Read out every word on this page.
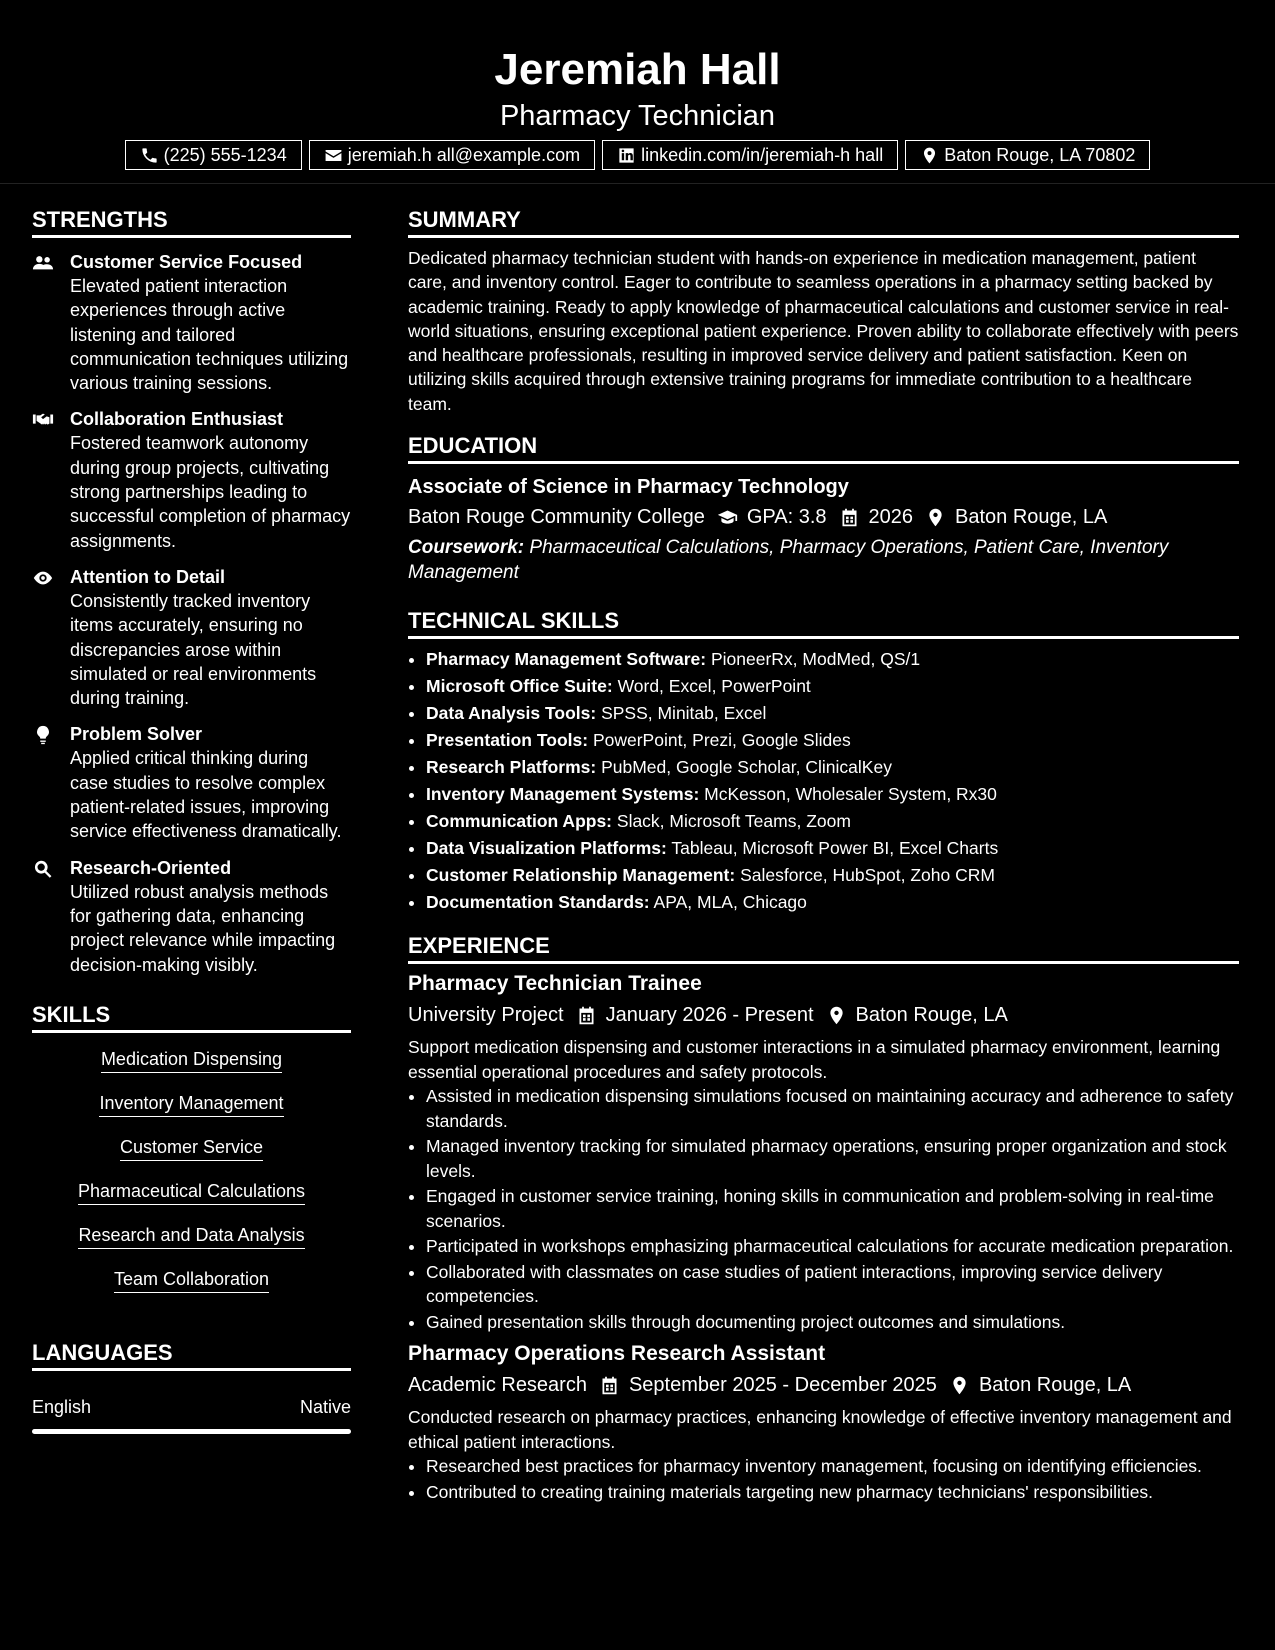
Jeremiah Hall
Pharmacy Technician
(225) 555-1234	jeremiah.h all@example.com	linkedin.com/in/jeremiah-h hall	Baton Rouge, LA 70802
STRENGTHS
Customer Service Focused
Elevated patient interaction experiences through active listening and tailored communication techniques utilizing various training sessions.
Collaboration Enthusiast
Fostered teamwork autonomy during group projects, cultivating strong partnerships leading to successful completion of pharmacy assignments.
Attention to Detail
Consistently tracked inventory items accurately, ensuring no discrepancies arose within simulated or real environments during training.
Problem Solver
Applied critical thinking during case studies to resolve complex patient-related issues, improving service effectiveness dramatically.
Research-Oriented
Utilized robust analysis methods for gathering data, enhancing project relevance while impacting decision-making visibly.
SKILLS
Medication Dispensing
Inventory Management
Customer Service
Pharmaceutical Calculations
Research and Data Analysis
Team Collaboration
LANGUAGES
English	Native
SUMMARY
Dedicated pharmacy technician student with hands-on experience in medication management, patient care, and inventory control. Eager to contribute to seamless operations in a pharmacy setting backed by academic training. Ready to apply knowledge of pharmaceutical calculations and customer service in real-world situations, ensuring exceptional patient experience. Proven ability to collaborate effectively with peers and healthcare professionals, resulting in improved service delivery and patient satisfaction. Keen on utilizing skills acquired through extensive training programs for immediate contribution to a healthcare team.
EDUCATION
Associate of Science in Pharmacy Technology
Baton Rouge Community College GPA: 3.8 2026 Baton Rouge, LA
Coursework: Pharmaceutical Calculations, Pharmacy Operations, Patient Care, Inventory Management
TECHNICAL SKILLS
• Pharmacy Management Software: PioneerRx, ModMed, QS/1
• Microsoft Office Suite: Word, Excel, PowerPoint
• Data Analysis Tools: SPSS, Minitab, Excel
• Presentation Tools: PowerPoint, Prezi, Google Slides
• Research Platforms: PubMed, Google Scholar, ClinicalKey
• Inventory Management Systems: McKesson, Wholesaler System, Rx30
• Communication Apps: Slack, Microsoft Teams, Zoom
• Data Visualization Platforms: Tableau, Microsoft Power BI, Excel Charts
• Customer Relationship Management: Salesforce, HubSpot, Zoho CRM
• Documentation Standards: APA, MLA, Chicago
EXPERIENCE
Pharmacy Technician Trainee
University Project January 2026 - Present Baton Rouge, LA
Support medication dispensing and customer interactions in a simulated pharmacy environment, learning essential operational procedures and safety protocols.
• Assisted in medication dispensing simulations focused on maintaining accuracy and adherence to safety standards.
• Managed inventory tracking for simulated pharmacy operations, ensuring proper organization and stock levels.
• Engaged in customer service training, honing skills in communication and problem-solving in real-time scenarios.
• Participated in workshops emphasizing pharmaceutical calculations for accurate medication preparation.
• Collaborated with classmates on case studies of patient interactions, improving service delivery competencies.
• Gained presentation skills through documenting project outcomes and simulations.
Pharmacy Operations Research Assistant
Academic Research September 2025 - December 2025 Baton Rouge, LA
Conducted research on pharmacy practices, enhancing knowledge of effective inventory management and ethical patient interactions.
• Researched best practices for pharmacy inventory management, focusing on identifying efficiencies.
• Contributed to creating training materials targeting new pharmacy technicians' responsibilities.
